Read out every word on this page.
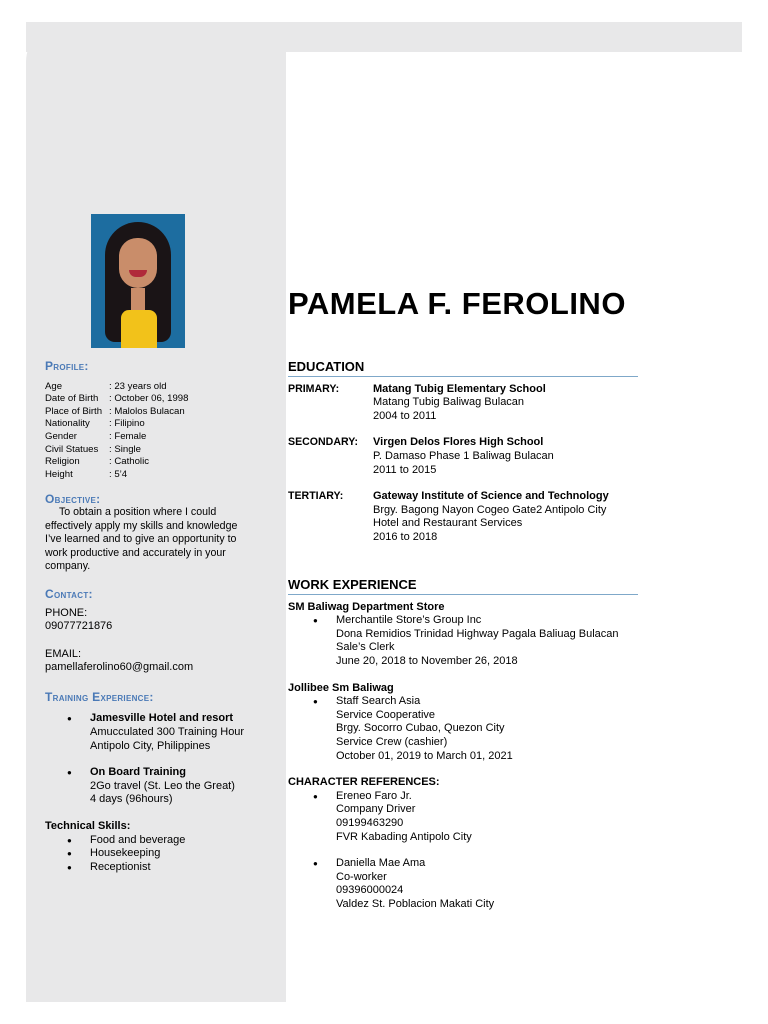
Profile:
Age	: 23 years old
Date of Birth	: October 06, 1998
Place of Birth : Malolos Bulacan
Nationality	: Filipino
Gender	: Female
Civil Statues	: Single
Religion	: Catholic
Height	: 5’4
Objective:

To obtain a position where I could effectively apply my skills and knowledge I’ve learned and to give an opportunity to work productive and accurately in your company.

Contact:
PHONE:
09077721876
EMAIL:
pamellaferolino60@gmail.com
Training Experience:
● Jamesville Hotel and resort
Amucculated 300 Training Hour
Antipolo City, Philippines
● On Board Training
2Go travel (St. Leo the Great)
4 days (96hours)
Technical Skills:
● Food and beverage
● Housekeeping
● Receptionist
PAMELA F. FEROLINO
EDUCATION
PRIMARY:	Matang Tubig Elementary School
Matang Tubig Baliwag Bulacan
2004 to 2011
SECONDARY:	Virgen Delos Flores High School
P. Damaso Phase 1 Baliwag Bulacan
2011 to 2015
TERTIARY:	Gateway Institute of Science and Technology
Brgy. Bagong Nayon Cogeo Gate2 Antipolo City
Hotel and Restaurant Services
2016 to 2018
WORK EXPERIENCE
SM Baliwag Department Store
● Merchantile Store’s Group Inc
Dona Remidios Trinidad Highway Pagala Baliuag Bulacan
Sale’s Clerk
June 20, 2018 to November 26, 2018
Jollibee Sm Baliwag
● Staff Search Asia
Service Cooperative
Brgy. Socorro Cubao, Quezon City
Service Crew (cashier)
October 01, 2019 to March 01, 2021
CHARACTER REFERENCES:
● Ereneo Faro Jr.
Company Driver
09199463290
FVR Kabading Antipolo City
● Daniella Mae Ama
Co-worker
09396000024
Valdez St. Poblacion Makati City
